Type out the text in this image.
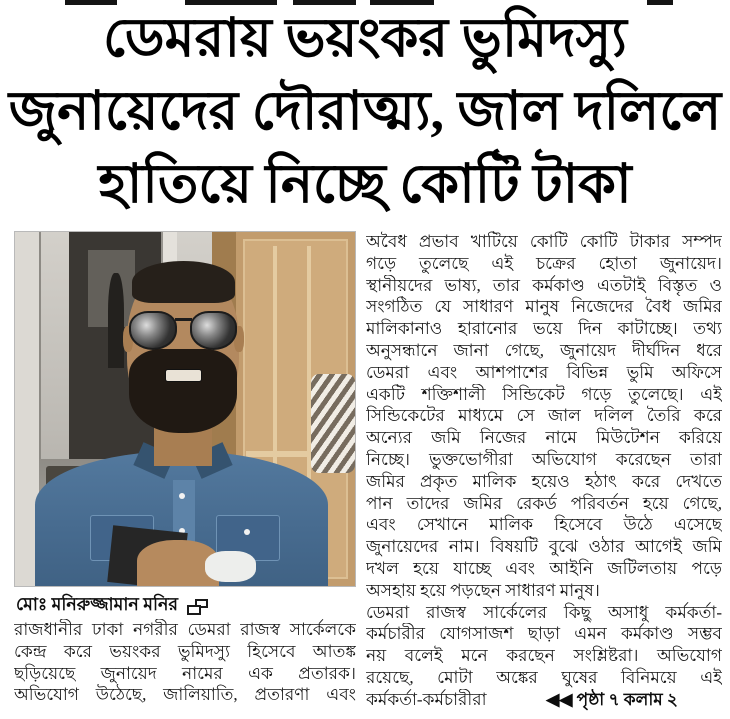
ডেমরায় ভয়ংকর ভুমিদস্যু
জুনায়েদের দৌরাত্ম্য, জাল দলিলে
হাতিয়ে নিচ্ছে কোটি টাকা
মোঃ মনিরুজ্জামান মনির
রাজধানীর ঢাকা নগরীর ডেমরা রাজস্ব সার্কেলকে
কেন্দ্র করে ভয়ংকর ভুমিদস্যু হিসেবে আতঙ্ক
ছড়িয়েছে জুনায়েদ নামের এক প্রতারক।
অভিযোগ উঠেছে, জালিয়াতি, প্রতারণা এবং
অবৈধ প্রভাব খাটিয়ে কোটি কোটি টাকার সম্পদ
গড়ে তুলেছে এই চক্রের হোতা জুনায়েদ।
স্থানীয়দের ভাষ্য, তার কর্মকাণ্ড এতটাই বিস্তৃত ও
সংগঠিত যে সাধারণ মানুষ নিজেদের বৈধ জমির
মালিকানাও হারানোর ভয়ে দিন কাটাচ্ছে। তথ্য
অনুসন্ধানে জানা গেছে, জুনায়েদ দীর্ঘদিন ধরে
ডেমরা এবং আশপাশের বিভিন্ন ভুমি অফিসে
একটি শক্তিশালী সিন্ডিকেট গড়ে তুলেছে। এই
সিন্ডিকেটের মাধ্যমে সে জাল দলিল তৈরি করে
অন্যের জমি নিজের নামে মিউটেশন করিয়ে
নিচ্ছে। ভুক্তভোগীরা অভিযোগ করেছেন তারা
জমির প্রকৃত মালিক হয়েও হঠাৎ করে দেখতে
পান তাদের জমির রেকর্ড পরিবর্তন হয়ে গেছে,
এবং সেখানে মালিক হিসেবে উঠে এসেছে
জুনায়েদের নাম। বিষয়টি বুঝে ওঠার আগেই জমি
দখল হয়ে যাচ্ছে এবং আইনি জটিলতায় পড়ে
অসহায় হয়ে পড়ছেন সাধারণ মানুষ।
ডেমরা রাজস্ব সার্কেলের কিছু অসাধু কর্মকর্তা-
কর্মচারীর যোগসাজশ ছাড়া এমন কর্মকাণ্ড সম্ভব
নয় বলেই মনে করছেন সংশ্লিষ্টরা। অভিযোগ
রয়েছে, মোটা অঙ্কের ঘুষের বিনিময়ে এই
কর্মকর্তা-কর্মচারীরা	◀◀ পৃষ্ঠা ৭ কলাম ২
